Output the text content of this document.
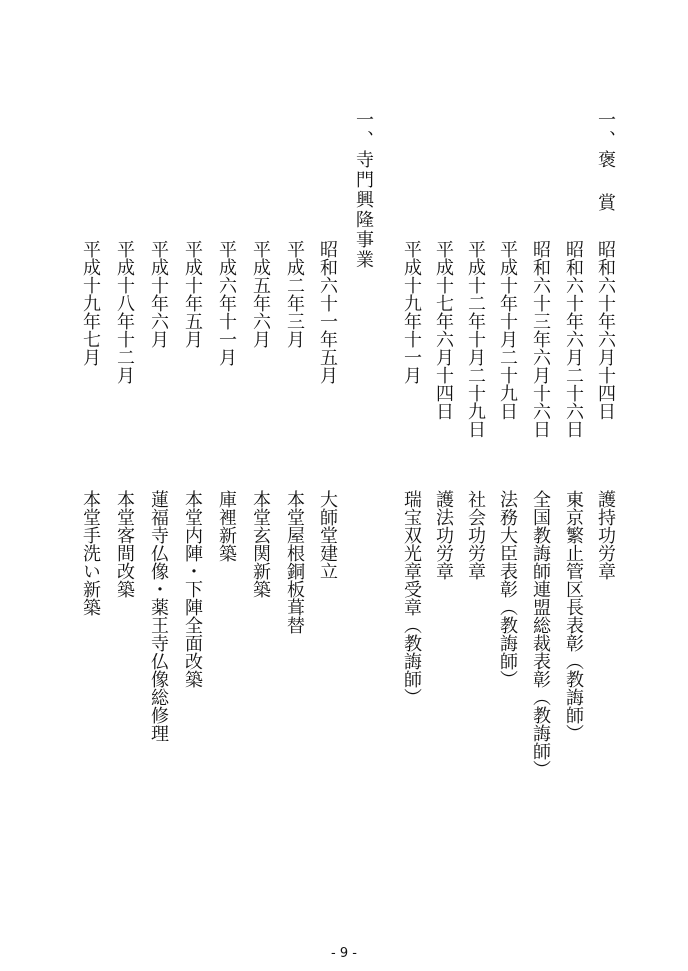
一、褒 賞
昭和六十年六月十四日
護持功労章
昭和六十年六月二十六日
東京繁止管区長表彰（教誨師）
昭和六十三年六月十六日
全国教誨師連盟総裁表彰（教誨師）
平成十年十月二十九日
法務大臣表彰（教誨師）
平成十二年十月二十九日
社会功労章
平成十七年六月十四日
護法功労章
平成十九年十一月
瑞宝双光章受章（教誨師）
一、寺門興隆事業
昭和六十一年五月
大師堂建立
平成二年三月
本堂屋根銅板葺替
平成五年六月
本堂玄関新築
平成六年十一月
庫裡新築
平成十年五月
本堂内陣・下陣全面改築
平成十年六月
蓮福寺仏像・薬王寺仏像総修理
平成十八年十二月
本堂客間改築
平成十九年七月
本堂手洗い新築
- 9 -
